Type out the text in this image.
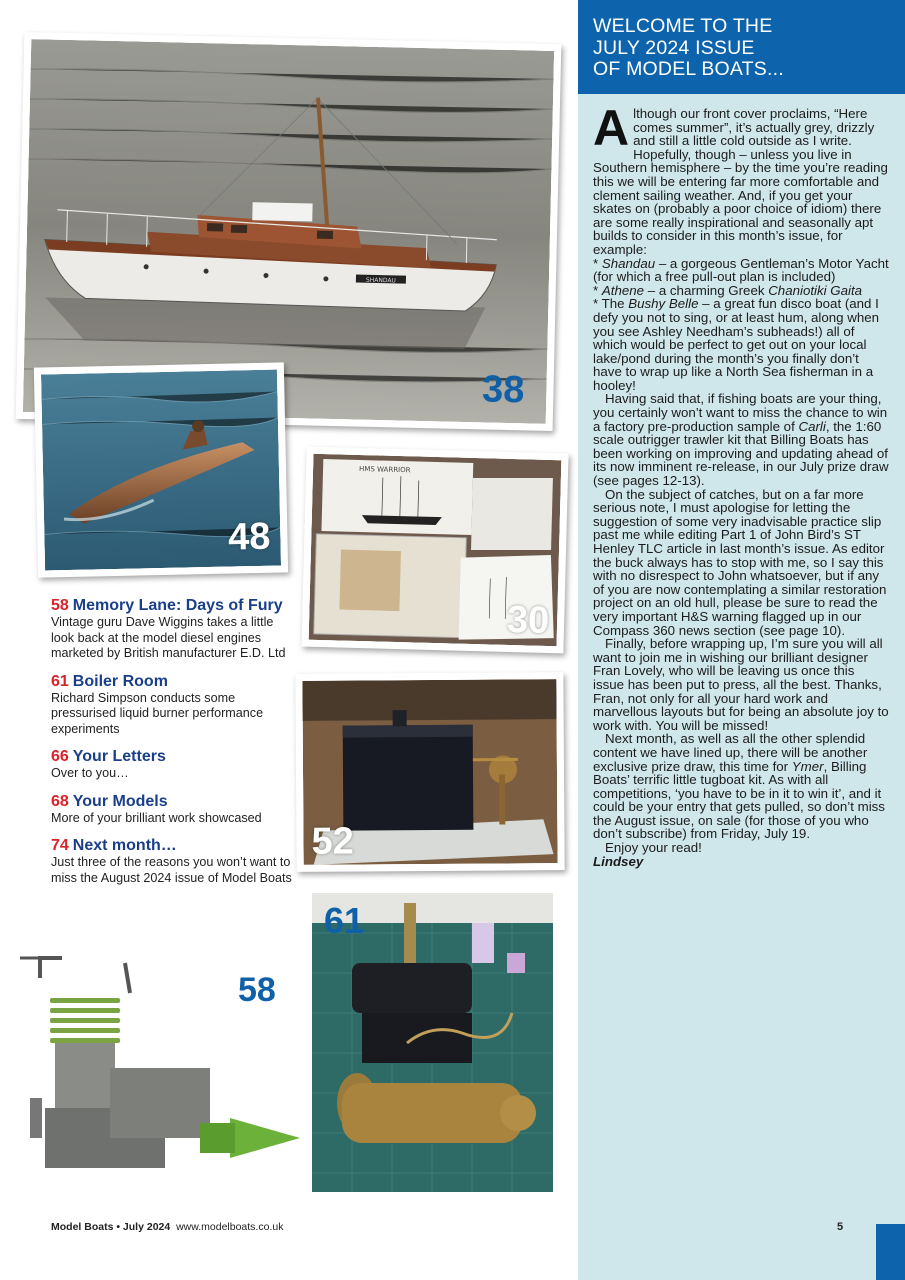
SHANDAU
38
48
HMS WARRIOR
30
52
61
58
58 Memory Lane: Days of Fury
Vintage guru Dave Wiggins takes a little look back at the model diesel engines marketed by British manufacturer E.D. Ltd
61 Boiler Room
Richard Simpson conducts some pressurised liquid burner performance experiments
66 Your Letters
Over to you…
68 Your Models
More of your brilliant work showcased
74 Next month…
Just three of the reasons you won’t want to miss the August 2024 issue of Model Boats
WELCOME TO THE
JULY 2024 ISSUE
OF MODEL BOATS...

Although our front cover proclaims, “Here comes summer”, it’s actually grey, drizzly and still a little cold outside as I write. Hopefully, though – unless you live in Southern hemisphere – by the time you’re reading this we will be entering far more comfortable and clement sailing weather. And, if you get your skates on (probably a poor choice of idiom) there are some really inspirational and seasonally apt builds to consider in this month’s issue, for example:

* Shandau – a gorgeous Gentleman’s Motor Yacht (for which a free pull-out plan is included)

* Athene – a charming Greek Chaniotiki Gaita

* The Bushy Belle – a great fun disco boat (and I defy you not to sing, or at least hum, along when you see Ashley Needham’s subheads!) all of which would be perfect to get out on your local lake/pond during the month’s you finally don’t have to wrap up like a North Sea fisherman in a hooley!

Having said that, if fishing boats are your thing, you certainly won’t want to miss the chance to win a factory pre-production sample of Carli, the 1:60 scale outrigger trawler kit that Billing Boats has been working on improving and updating ahead of its now imminent re-release, in our July prize draw (see pages 12-13).

On the subject of catches, but on a far more serious note, I must apologise for letting the suggestion of some very inadvisable practice slip past me while editing Part 1 of John Bird’s ST Henley TLC article in last month’s issue. As editor the buck always has to stop with me, so I say this with no disrespect to John whatsoever, but if any of you are now contemplating a similar restoration project on an old hull, please be sure to read the very important H&S warning flagged up in our Compass 360 news section (see page 10).

Finally, before wrapping up, I’m sure you will all want to join me in wishing our brilliant designer Fran Lovely, who will be leaving us once this issue has been put to press, all the best. Thanks, Fran, not only for all your hard work and marvellous layouts but for being an absolute joy to work with. You will be missed!

Next month, as well as all the other splendid content we have lined up, there will be another exclusive prize draw, this time for Ymer, Billing Boats’ terrific little tugboat kit. As with all competitions, ‘you have to be in it to win it’, and it could be your entry that gets pulled, so don’t miss the August issue, on sale (for those of you who don’t subscribe) from Friday, July 19.

Enjoy your read!

Lindsey

Model Boats • July 2024 www.modelboats.co.uk	5
